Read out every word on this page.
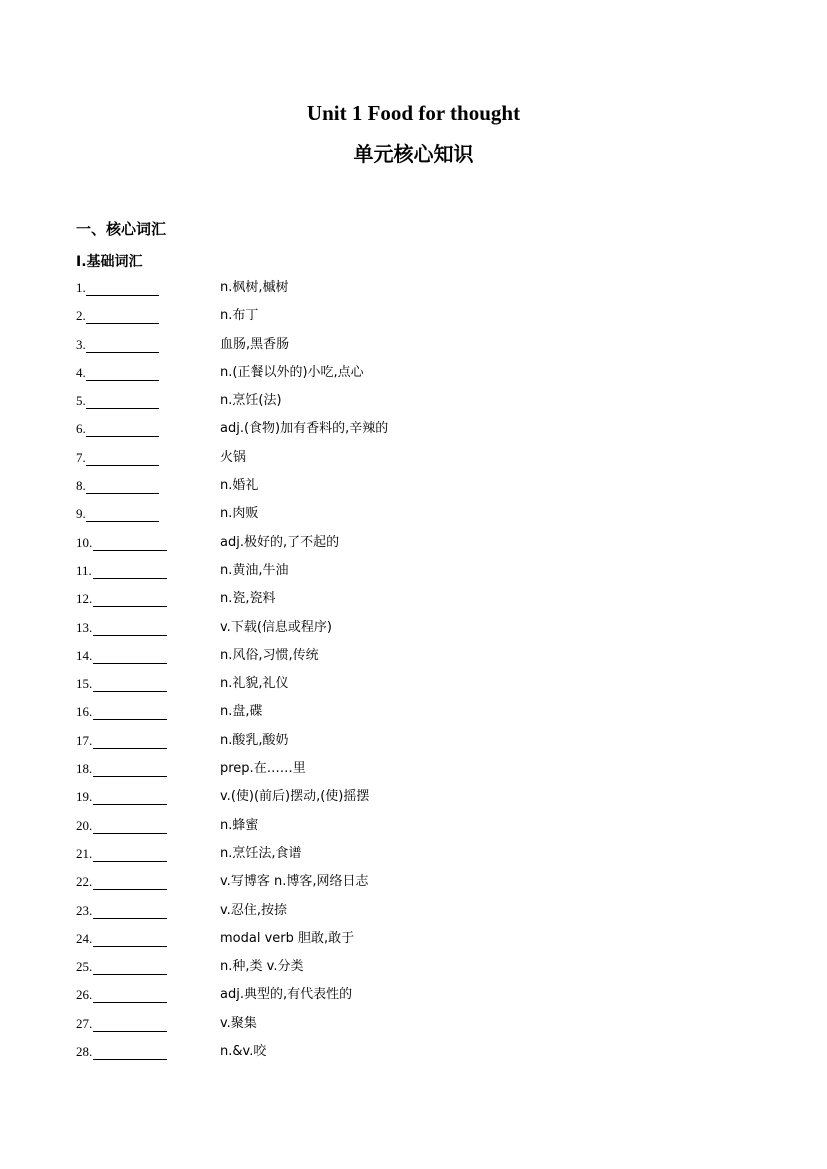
Unit 1 Food for thought
单元核心知识
一、核心词汇
I.基础词汇
1.	n.枫树,槭树
2.	n.布丁
3.	血肠,黑香肠
4.	n.(正餐以外的)小吃,点心
5.	n.烹饪(法)
6.	adj.(食物)加有香料的,辛辣的
7.	火锅
8.	n.婚礼
9.	n.肉贩
10.	adj.极好的,了不起的
11.	n.黄油,牛油
12.	n.瓷,瓷料
13.	v.下载(信息或程序)
14.	n.风俗,习惯,传统
15.	n.礼貌,礼仪
16.	n.盘,碟
17.	n.酸乳,酸奶
18.	prep.在……里
19.	v.(使)(前后)摆动,(使)摇摆
20.	n.蜂蜜
21.	n.烹饪法,食谱
22.	v.写博客 n.博客,网络日志
23.	v.忍住,按捺
24.	modal verb 胆敢,敢于
25.	n.种,类 v.分类
26.	adj.典型的,有代表性的
27.	v.聚集
28.	n.&v.咬
